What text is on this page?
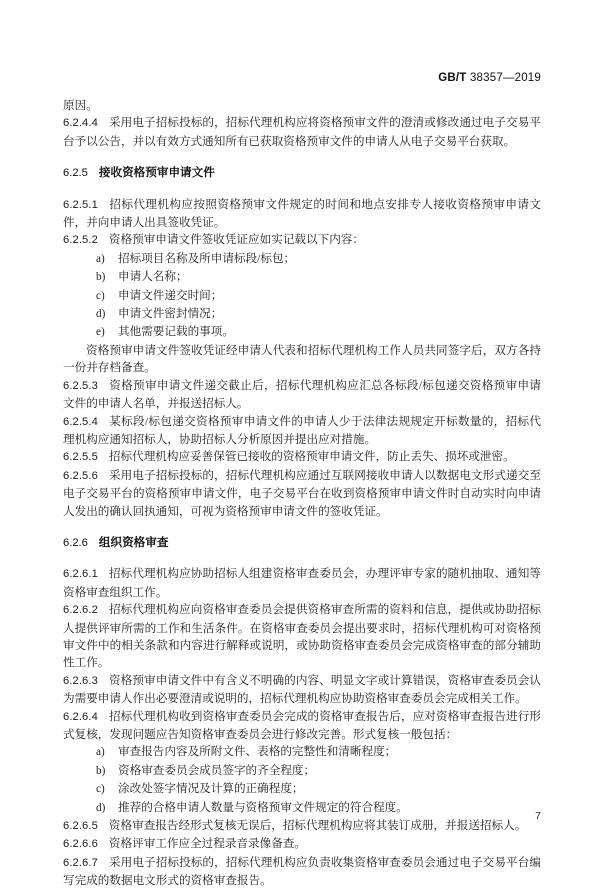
GB/T 38357—2019

原因。

6.2.4.4 采用电子招标投标的，招标代理机构应将资格预审文件的澄清或修改通过电子交易平台予以公告，并以有效方式通知所有已获取资格预审文件的申请人从电子交易平台获取。

6.2.5 接收资格预审申请文件

6.2.5.1 招标代理机构应按照资格预审文件规定的时间和地点安排专人接收资格预审申请文件，并向申请人出具签收凭证。

6.2.5.2 资格预审申请文件签收凭证应如实记载以下内容：

a)	招标项目名称及所申请标段/标包；
b)	申请人名称；
c)	申请文件递交时间；
d)	申请文件密封情况；
e)	其他需要记载的事项。

资格预审申请文件签收凭证经申请人代表和招标代理机构工作人员共同签字后，双方各持一份并存档备查。

6.2.5.3 资格预审申请文件递交截止后，招标代理机构应汇总各标段/标包递交资格预审申请文件的申请人名单，并报送招标人。

6.2.5.4 某标段/标包递交资格预审申请文件的申请人少于法律法规规定开标数量的，招标代理机构应通知招标人，协助招标人分析原因并提出应对措施。

6.2.5.5 招标代理机构应妥善保管已接收的资格预审申请文件，防止丢失、损坏或泄密。

6.2.5.6 采用电子招标投标的，招标代理机构应通过互联网接收申请人以数据电文形式递交至电子交易平台的资格预审申请文件，电子交易平台在收到资格预审申请文件时自动实时向申请人发出的确认回执通知，可视为资格预审申请文件的签收凭证。

6.2.6 组织资格审查

6.2.6.1 招标代理机构应协助招标人组建资格审查委员会，办理评审专家的随机抽取、通知等资格审查组织工作。

6.2.6.2 招标代理机构应向资格审查委员会提供资格审查所需的资料和信息，提供或协助招标人提供评审所需的工作和生活条件。在资格审查委员会提出要求时，招标代理机构可对资格预审文件中的相关条款和内容进行解释或说明，或协助资格审查委员会完成资格审查的部分辅助性工作。

6.2.6.3 资格预审申请文件中有含义不明确的内容、明显文字或计算错误，资格审查委员会认为需要申请人作出必要澄清或说明的，招标代理机构应协助资格审查委员会完成相关工作。

6.2.6.4 招标代理机构收到资格审查委员会完成的资格审查报告后，应对资格审查报告进行形式复核，发现问题应告知资格审查委员会进行修改完善。形式复核一般包括：

a)	审查报告内容及所附文件、表格的完整性和清晰程度；
b)	资格审查委员会成员签字的齐全程度；
c)	涂改处签字情况及计算的正确程度；
d)	推荐的合格申请人数量与资格预审文件规定的符合程度。

6.2.6.5 资格审查报告经形式复核无误后，招标代理机构应将其装订成册，并报送招标人。

6.2.6.6 资格评审工作应全过程录音录像备查。

6.2.6.7 采用电子招标投标的，招标代理机构应负责收集资格审查委员会通过电子交易平台编写完成的数据电文形式的资格审查报告。

7
